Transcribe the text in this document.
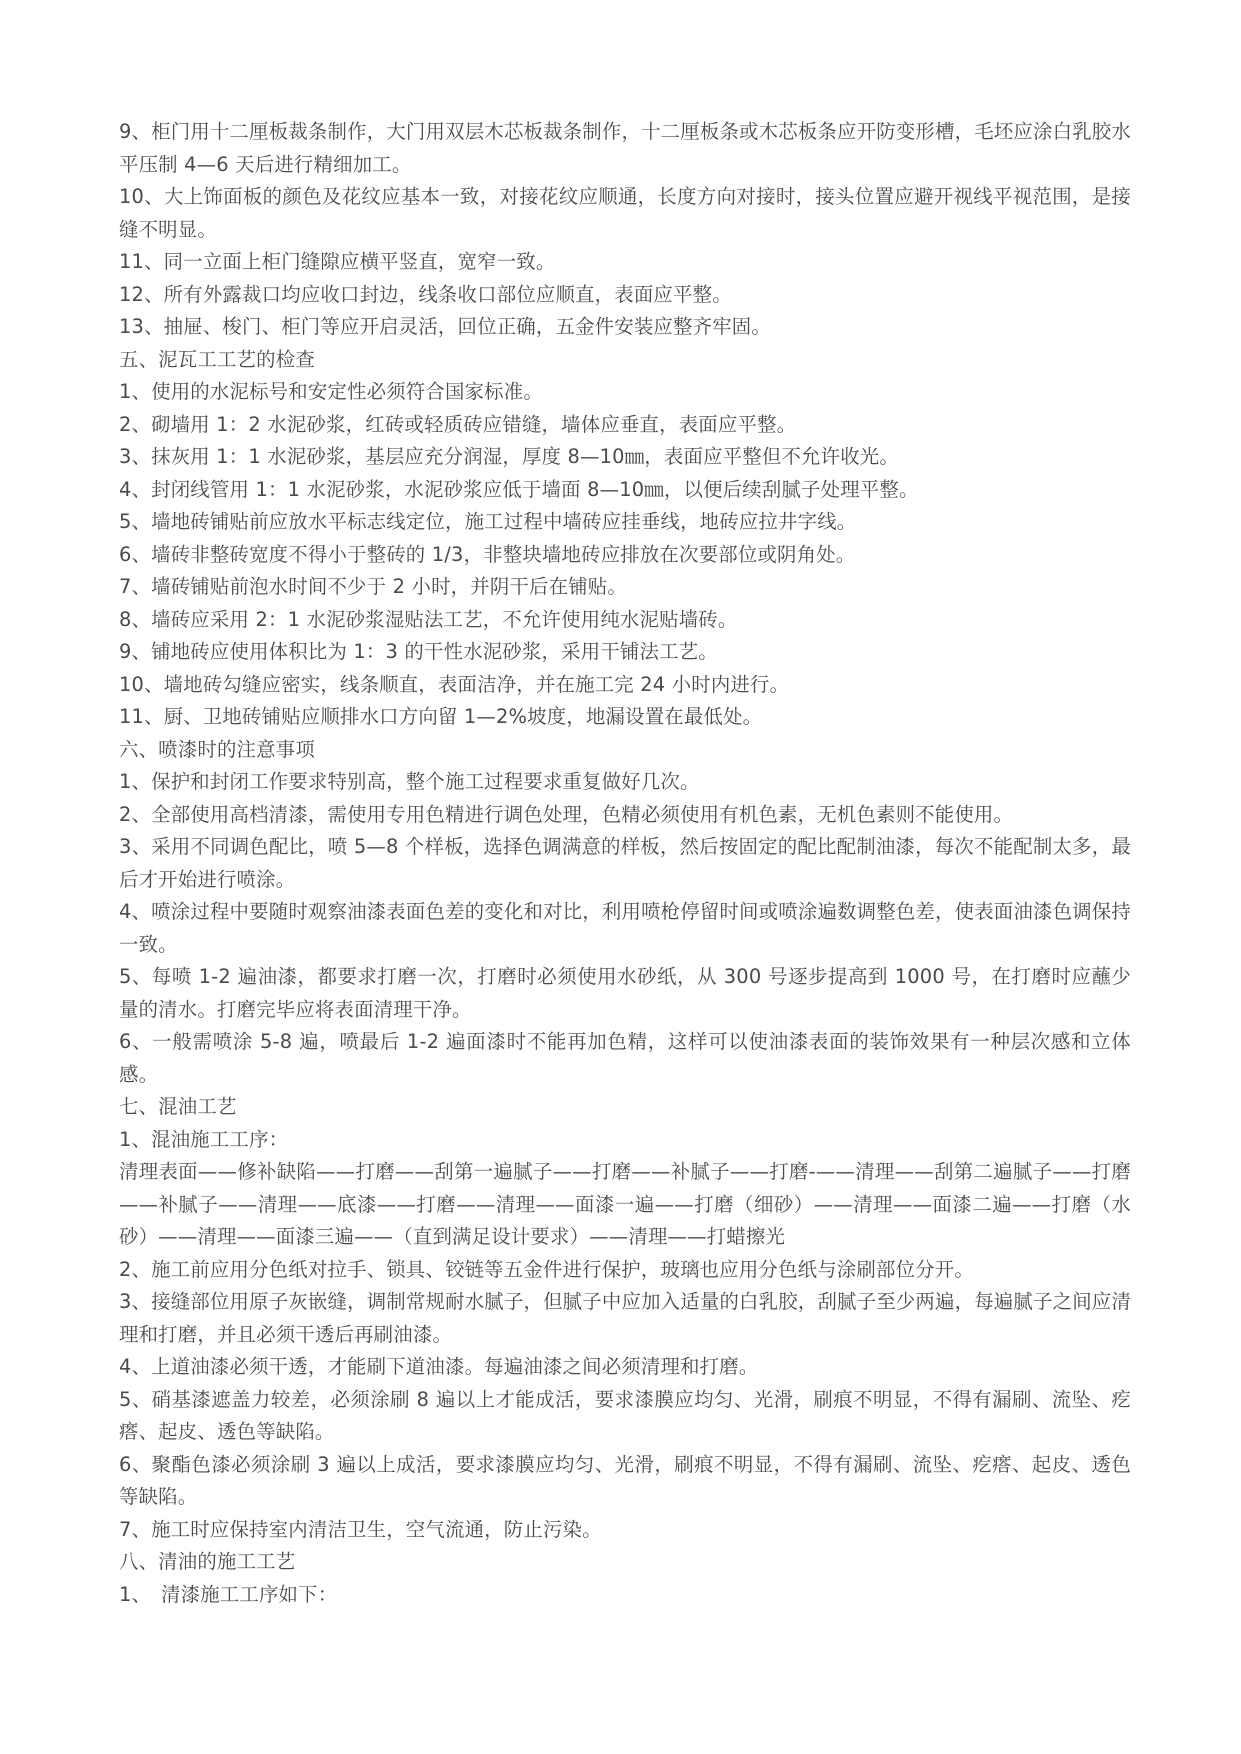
9、柜门用十二厘板裁条制作，大门用双层木芯板裁条制作，十二厘板条或木芯板条应开防变形槽，毛坯应涂白乳胶水平压制 4—6 天后进行精细加工。

10、大上饰面板的颜色及花纹应基本一致，对接花纹应顺通，长度方向对接时，接头位置应避开视线平视范围，是接缝不明显。

11、同一立面上柜门缝隙应横平竖直，宽窄一致。

12、所有外露裁口均应收口封边，线条收口部位应顺直，表面应平整。

13、抽屉、梭门、柜门等应开启灵活，回位正确，五金件安装应整齐牢固。

五、泥瓦工工艺的检查

1、使用的水泥标号和安定性必须符合国家标准。

2、砌墙用 1：2 水泥砂浆，红砖或轻质砖应错缝，墙体应垂直，表面应平整。

3、抹灰用 1：1 水泥砂浆，基层应充分润湿，厚度 8—10㎜，表面应平整但不允许收光。

4、封闭线管用 1：1 水泥砂浆，水泥砂浆应低于墙面 8—10㎜，以便后续刮腻子处理平整。

5、墙地砖铺贴前应放水平标志线定位，施工过程中墙砖应挂垂线，地砖应拉井字线。

6、墙砖非整砖宽度不得小于整砖的 1/3，非整块墙地砖应排放在次要部位或阴角处。

7、墙砖铺贴前泡水时间不少于 2 小时，并阴干后在铺贴。

8、墙砖应采用 2：1 水泥砂浆湿贴法工艺，不允许使用纯水泥贴墙砖。

9、铺地砖应使用体积比为 1：3 的干性水泥砂浆，采用干铺法工艺。

10、墙地砖勾缝应密实，线条顺直，表面洁净，并在施工完 24 小时内进行。

11、厨、卫地砖铺贴应顺排水口方向留 1—2%坡度，地漏设置在最低处。

六、喷漆时的注意事项

1、保护和封闭工作要求特别高，整个施工过程要求重复做好几次。

2、全部使用高档清漆，需使用专用色精进行调色处理，色精必须使用有机色素，无机色素则不能使用。

3、采用不同调色配比，喷 5—8 个样板，选择色调满意的样板，然后按固定的配比配制油漆，每次不能配制太多，最后才开始进行喷涂。

4、喷涂过程中要随时观察油漆表面色差的变化和对比，利用喷枪停留时间或喷涂遍数调整色差，使表面油漆色调保持一致。

5、每喷 1-2 遍油漆，都要求打磨一次，打磨时必须使用水砂纸，从 300 号逐步提高到 1000 号，在打磨时应蘸少量的清水。打磨完毕应将表面清理干净。

6、一般需喷涂 5-8 遍，喷最后 1-2 遍面漆时不能再加色精，这样可以使油漆表面的装饰效果有一种层次感和立体感。

七、混油工艺

1、混油施工工序：

清理表面——修补缺陷——打磨——刮第一遍腻子——打磨——补腻子——打磨-——清理——刮第二遍腻子——打磨——补腻子——清理——底漆——打磨——清理——面漆一遍——打磨（细砂）——清理——面漆二遍——打磨（水砂）——清理——面漆三遍——（直到满足设计要求）——清理——打蜡擦光

2、施工前应用分色纸对拉手、锁具、铰链等五金件进行保护，玻璃也应用分色纸与涂刷部位分开。

3、接缝部位用原子灰嵌缝，调制常规耐水腻子，但腻子中应加入适量的白乳胶，刮腻子至少两遍，每遍腻子之间应清理和打磨，并且必须干透后再刷油漆。

4、上道油漆必须干透，才能刷下道油漆。每遍油漆之间必须清理和打磨。

5、硝基漆遮盖力较差，必须涂刷 8 遍以上才能成活，要求漆膜应均匀、光滑，刷痕不明显，不得有漏刷、流坠、疙瘩、起皮、透色等缺陷。

6、聚酯色漆必须涂刷 3 遍以上成活，要求漆膜应均匀、光滑，刷痕不明显，不得有漏刷、流坠、疙瘩、起皮、透色等缺陷。

7、施工时应保持室内清洁卫生，空气流通，防止污染。

八、清油的施工工艺

1、　清漆施工工序如下：
